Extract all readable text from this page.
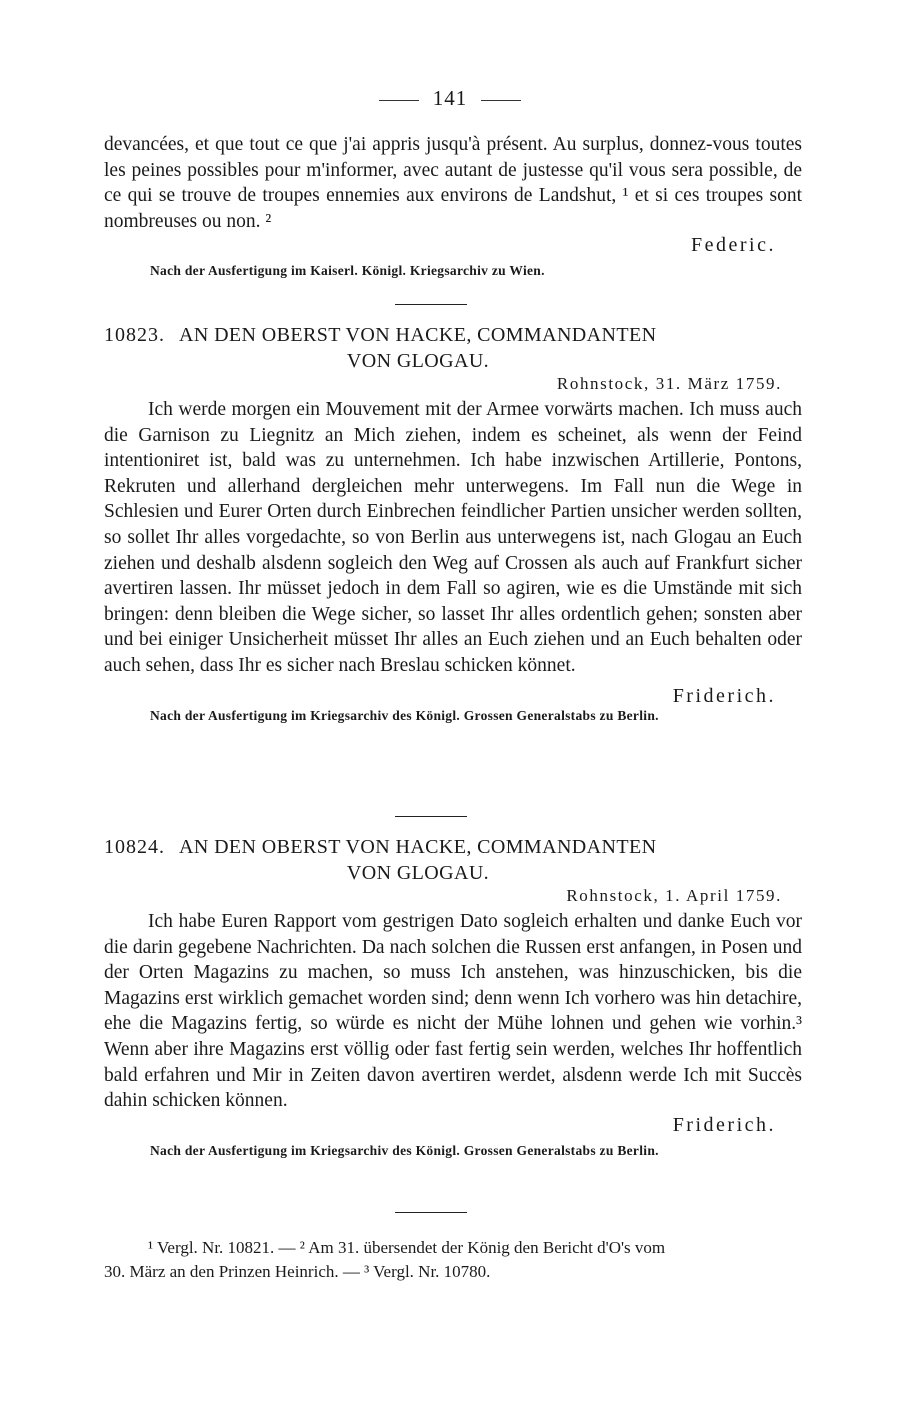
141

devancées, et que tout ce que j'ai appris jusqu'à présent. Au surplus, donnez-vous toutes les peines possibles pour m'informer, avec autant de justesse qu'il vous sera possible, de ce qui se trouve de troupes ennemies aux environs de Landshut, ¹ et si ces troupes sont nombreuses ou non. ²

Federic.
Nach der Ausfertigung im Kaiserl. Königl. Kriegsarchiv zu Wien.
10823. AN DEN OBERST VON HACKE, COMMANDANTEN
VON GLOGAU.
Rohnstock, 31. März 1759.

Ich werde morgen ein Mouvement mit der Armee vorwärts machen. Ich muss auch die Garnison zu Liegnitz an Mich ziehen, indem es scheinet, als wenn der Feind intentioniret ist, bald was zu unternehmen. Ich habe inzwischen Artillerie, Pontons, Rekruten und allerhand dergleichen mehr unterwegens. Im Fall nun die Wege in Schlesien und Eurer Orten durch Einbrechen feindlicher Partien unsicher werden sollten, so sollet Ihr alles vorgedachte, so von Berlin aus unterwegens ist, nach Glogau an Euch ziehen und deshalb alsdenn sogleich den Weg auf Crossen als auch auf Frankfurt sicher avertiren lassen. Ihr müsset jedoch in dem Fall so agiren, wie es die Umstände mit sich bringen: denn bleiben die Wege sicher, so lasset Ihr alles ordentlich gehen; sonsten aber und bei einiger Unsicherheit müsset Ihr alles an Euch ziehen und an Euch behalten oder auch sehen, dass Ihr es sicher nach Breslau schicken könnet.

Friderich.
Nach der Ausfertigung im Kriegsarchiv des Königl. Grossen Generalstabs zu Berlin.
10824. AN DEN OBERST VON HACKE, COMMANDANTEN
VON GLOGAU.
Rohnstock, 1. April 1759.

Ich habe Euren Rapport vom gestrigen Dato sogleich erhalten und danke Euch vor die darin gegebene Nachrichten. Da nach solchen die Russen erst anfangen, in Posen und der Orten Magazins zu machen, so muss Ich anstehen, was hinzuschicken, bis die Magazins erst wirklich gemachet worden sind; denn wenn Ich vorhero was hin detachire, ehe die Magazins fertig, so würde es nicht der Mühe lohnen und gehen wie vorhin.³ Wenn aber ihre Magazins erst völlig oder fast fertig sein werden, welches Ihr hoffentlich bald erfahren und Mir in Zeiten davon avertiren werdet, alsdenn werde Ich mit Succès dahin schicken können.

Friderich.
Nach der Ausfertigung im Kriegsarchiv des Königl. Grossen Generalstabs zu Berlin.
¹ Vergl. Nr. 10821. — ² Am 31. übersendet der König den Bericht d'O's vom
30. März an den Prinzen Heinrich. — ³ Vergl. Nr. 10780.
